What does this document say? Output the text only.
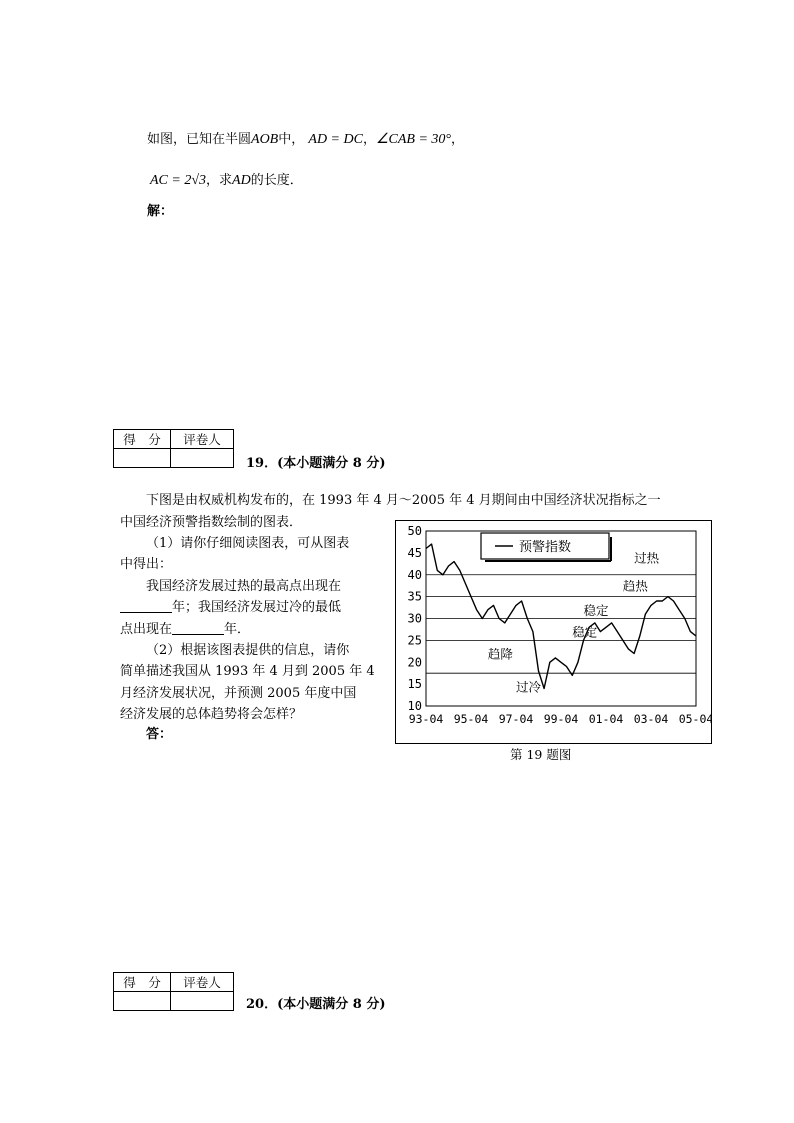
如图，已知在半圆AOB中， AD = DC，∠CAB = 30°，
AC = 2√3，求AD的长度．
解：
得　分	评卷人

19．(本小题满分 8 分)
下图是由权威机构发布的，在 1993 年 4 月～2005 年 4 月期间由中国经济状况指标之一
中国经济预警指数绘制的图表．
（1）请你仔细阅读图表，可从图表
中得出：
我国经济发展过热的最高点出现在
年；我国经济发展过冷的最低
点出现在	年．
（2）根据该图表提供的信息，请你
简单描述我国从 1993 年 4 月到 2005 年 4
月经济发展状况，并预测 2005 年度中国
经济发展的总体趋势将会怎样？
答：
10
15
20
25
30
35
40
45
50
93-04 95-04 97-04 99-04 01-04 03-04 05-04
预警指数
过热
趋热
稳定
稳定
趋降
过冷
第 19 题图
得　分	评卷人

20．(本小题满分 8 分)
